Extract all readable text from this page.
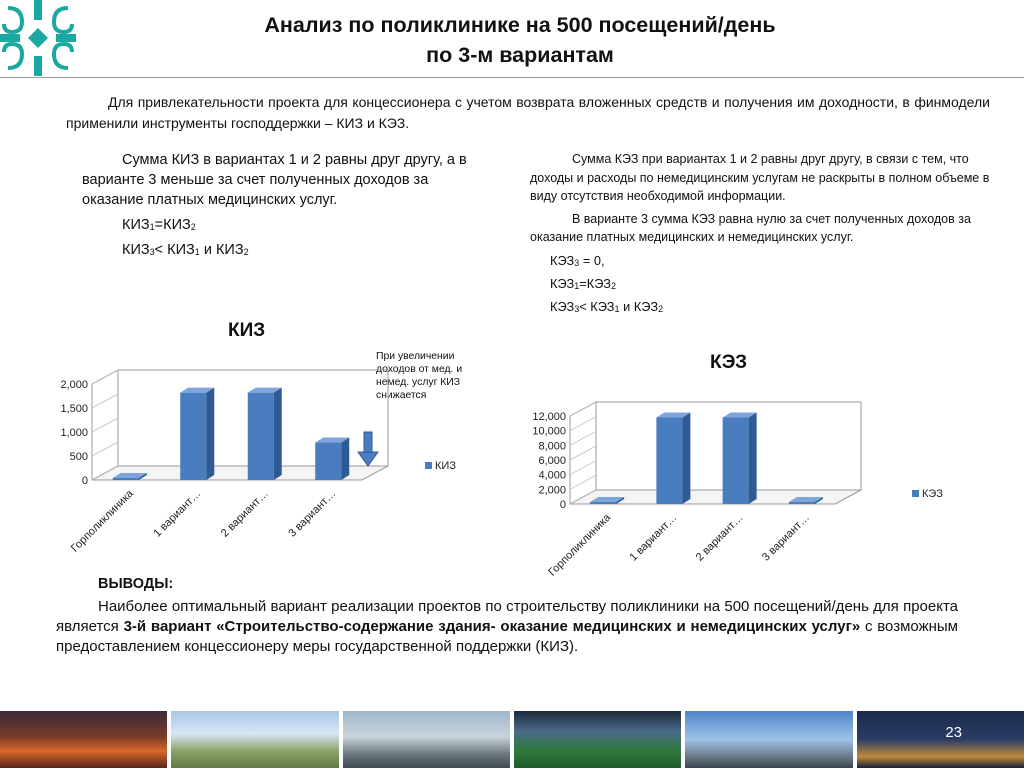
Анализ по поликлинике на 500 посещений/день
по 3-м вариантам
Для привлекательности проекта для концессионера с учетом возврата вложенных средств и получения им доходности, в финмодели применили инструменты господдержки – КИЗ и КЭЗ.
Сумма КИЗ в вариантах 1 и 2 равны друг другу, а в варианте 3 меньше за счет полученных доходов за оказание платных медицинских услуг.
$КИЗ_1=КИЗ_2$
$КИЗ_3< КИЗ_1$ и $КИЗ_2$
Сумма КЭЗ при вариантах 1 и 2 равны друг другу, в связи с тем, что доходы и расходы по немедицинским услугам не раскрыты в полном объеме в виду отсутствия необходимой информации.
В варианте 3 сумма КЭЗ равна нулю за счет полученных доходов за оказание платных медицинских и немедицинских услуг.
$КЭЗ_3 = 0$,
$КЭЗ_1=КЭЗ_2$
$КЭЗ_3< КЭЗ_1$ и $КЭЗ_2$
КИЗ
КЭЗ
При увеличении доходов от мед. и немед. услуг КИЗ снижается
0
500
1,000
1,500
2,000
Горполиклиника 1 вариант… 2 вариант… 3 вариант…
КИЗ
0
2,000
4,000
6,000
8,000
10,000
12,000
Горполиклиника 1 вариант… 2 вариант… 3 вариант…
КЭЗ
ВЫВОДЫ:
Наиболее оптимальный вариант реализации проектов по строительству поликлиники на 500 посещений/день для проекта является 3-й вариант «Строительство-содержание здания- оказание медицинских и немедицинских услуг» с возможным предоставлением концессионеру меры государственной поддержки (КИЗ).
23
